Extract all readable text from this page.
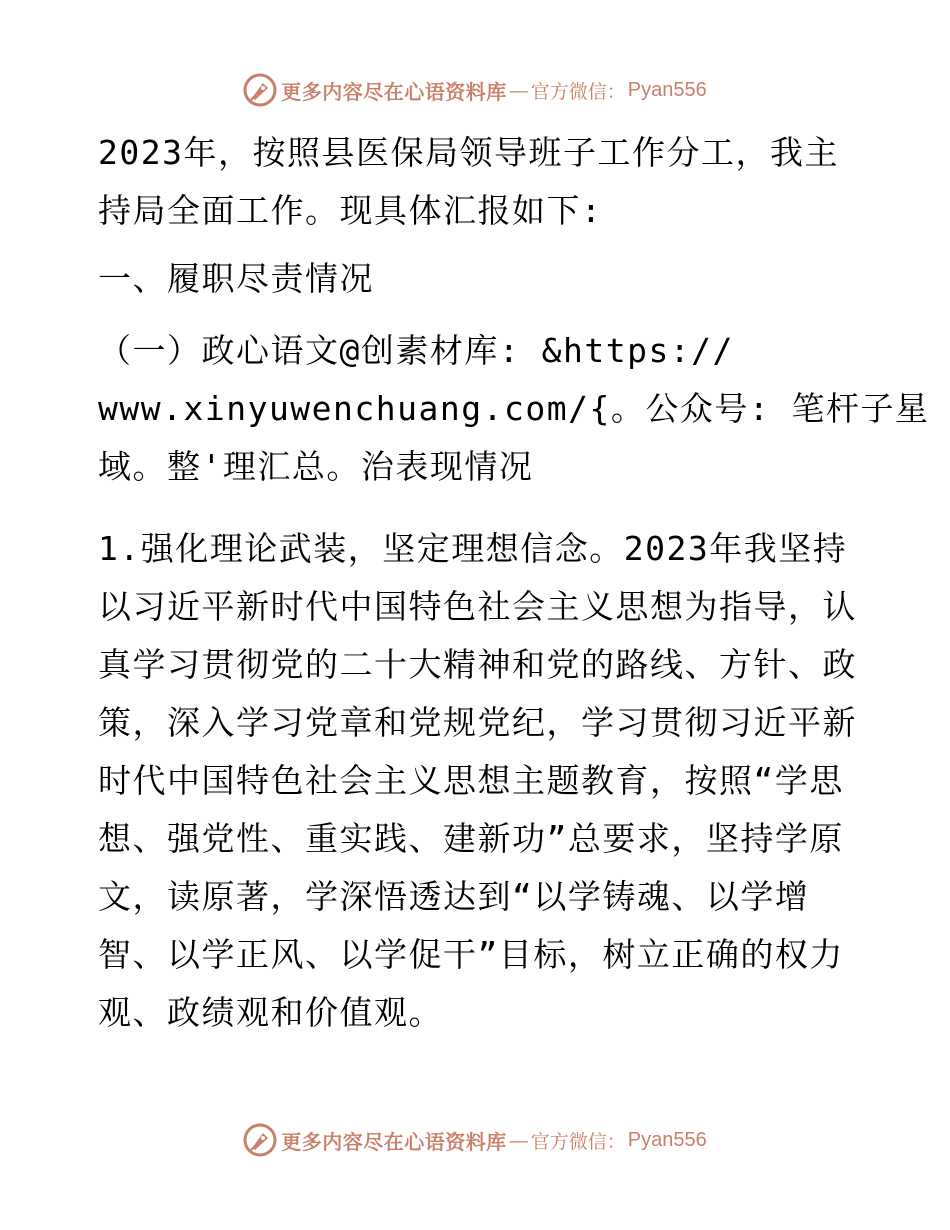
更多内容尽在心语资料库 — 官方微信： Pyan556
2023年，按照县医保局领导班子工作分工，我主
持局全面工作。现具体汇报如下:
一、履职尽责情况
（一）政心语文@创素材库: &https://
www.xinyuwenchuang.com/{。公众号: 笔杆子星
域。整'理汇总。治表现情况
1.强化理论武装，坚定理想信念。2023年我坚持
以习近平新时代中国特色社会主义思想为指导，认
真学习贯彻党的二十大精神和党的路线、方针、政
策，深入学习党章和党规党纪，学习贯彻习近平新
时代中国特色社会主义思想主题教育，按照“学思
想、强党性、重实践、建新功”总要求，坚持学原
文，读原著，学深悟透达到“以学铸魂、以学增
智、以学正风、以学促干”目标，树立正确的权力
观、政绩观和价值观。
更多内容尽在心语资料库 — 官方微信： Pyan556
